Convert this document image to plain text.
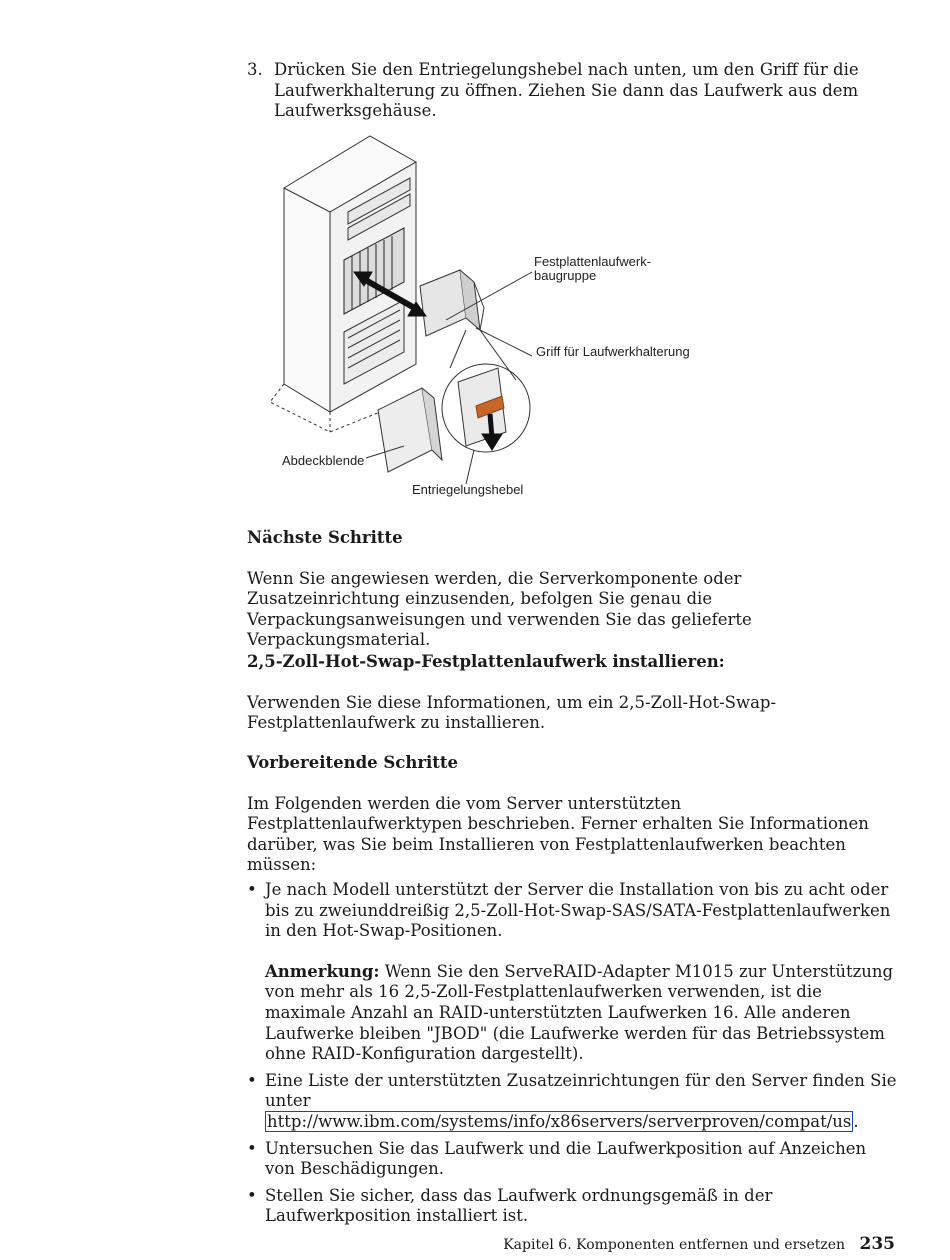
3. Drücken Sie den Entriegelungshebel nach unten, um den Griff für die Laufwerkhalterung zu öffnen. Ziehen Sie dann das Laufwerk aus dem Laufwerksgehäuse.
Festplattenlaufwerk-
baugruppe
Griff für Laufwerkhalterung
Abdeckblende
Entriegelungshebel
Nächste Schritte

Wenn Sie angewiesen werden, die Serverkomponente oder Zusatzeinrichtung einzusenden, befolgen Sie genau die Verpackungsanweisungen und verwenden Sie das gelieferte Verpackungsmaterial.

2,5-Zoll-Hot-Swap-Festplattenlaufwerk installieren:

Verwenden Sie diese Informationen, um ein 2,5-Zoll-Hot-Swap-Festplattenlaufwerk zu installieren.

Vorbereitende Schritte

Im Folgenden werden die vom Server unterstützten Festplattenlaufwerktypen beschrieben. Ferner erhalten Sie Informationen darüber, was Sie beim Installieren von Festplattenlaufwerken beachten müssen:

• Je nach Modell unterstützt der Server die Installation von bis zu acht oder bis zu zweiunddreißig 2,5-Zoll-Hot-Swap-SAS/SATA-Festplattenlaufwerken in den Hot-Swap-Positionen.
Anmerkung: Wenn Sie den ServeRAID-Adapter M1015 zur Unterstützung von mehr als 16 2,5-Zoll-Festplattenlaufwerken verwenden, ist die maximale Anzahl an RAID-unterstützten Laufwerken 16. Alle anderen Laufwerke bleiben "JBOD" (die Laufwerke werden für das Betriebssystem ohne RAID-Konfiguration dargestellt).
• Eine Liste der unterstützten Zusatzeinrichtungen für den Server finden Sie unter http://www.ibm.com/systems/info/x86servers/serverproven/compat/us .
• Untersuchen Sie das Laufwerk und die Laufwerkposition auf Anzeichen von Beschädigungen.
• Stellen Sie sicher, dass das Laufwerk ordnungsgemäß in der Laufwerkposition installiert ist.
Kapitel 6. Komponenten entfernen und ersetzen 235
